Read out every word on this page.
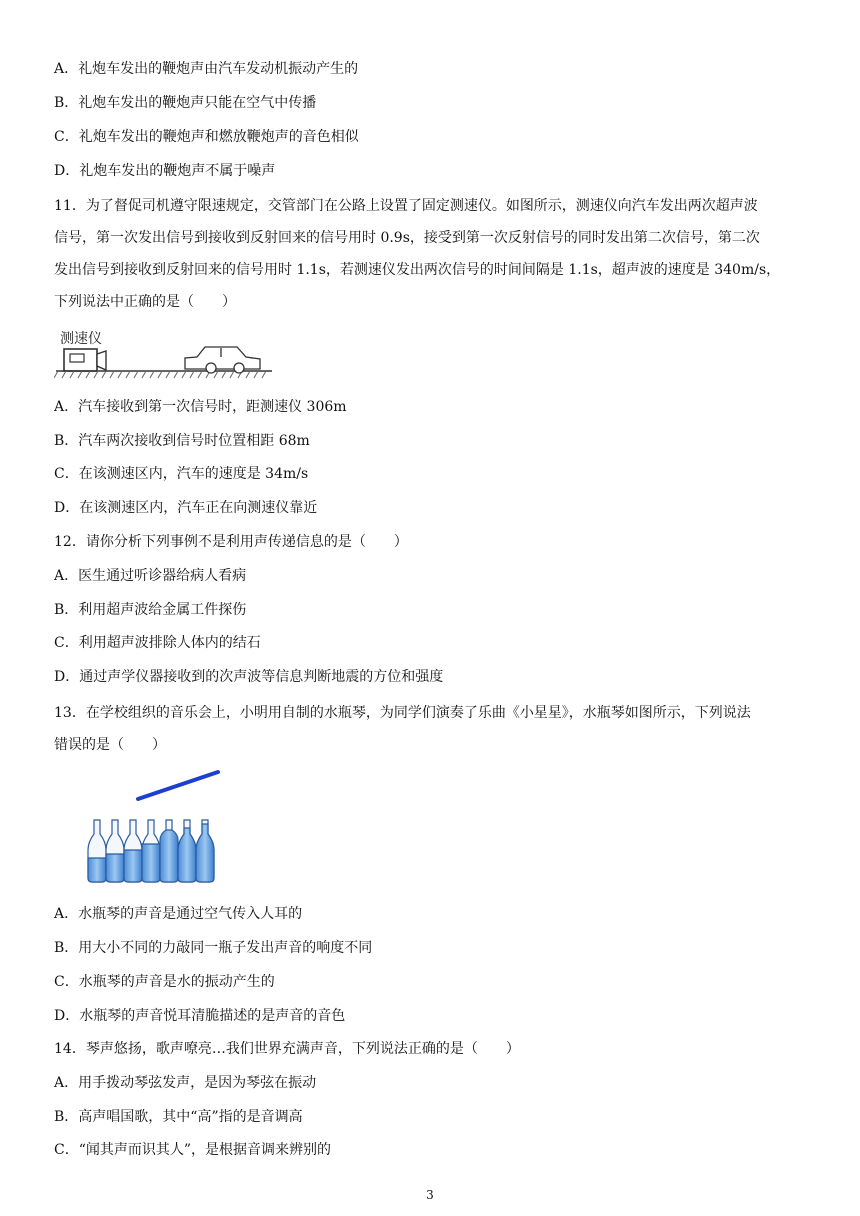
A．礼炮车发出的鞭炮声由汽车发动机振动产生的
B．礼炮车发出的鞭炮声只能在空气中传播
C．礼炮车发出的鞭炮声和燃放鞭炮声的音色相似
D．礼炮车发出的鞭炮声不属于噪声
11．为了督促司机遵守限速规定，交管部门在公路上设置了固定测速仪。如图所示，测速仪向汽车发出两次超声波
信号，第一次发出信号到接收到反射回来的信号用时 0.9s，接受到第一次反射信号的同时发出第二次信号，第二次
发出信号到接收到反射回来的信号用时 1.1s，若测速仪发出两次信号的时间间隔是 1.1s，超声波的速度是 340m/s，
下列说法中正确的是（　　）
测速仪
A．汽车接收到第一次信号时，距测速仪 306m
B．汽车两次接收到信号时位置相距 68m
C．在该测速区内，汽车的速度是 34m/s
D．在该测速区内，汽车正在向测速仪靠近
12．请你分析下列事例不是利用声传递信息的是（　　）
A．医生通过听诊器给病人看病
B．利用超声波给金属工件探伤
C．利用超声波排除人体内的结石
D．通过声学仪器接收到的次声波等信息判断地震的方位和强度
13．在学校组织的音乐会上，小明用自制的水瓶琴，为同学们演奏了乐曲《小星星》，水瓶琴如图所示，下列说法
错误的是（　　）
A．水瓶琴的声音是通过空气传入人耳的
B．用大小不同的力敲同一瓶子发出声音的响度不同
C．水瓶琴的声音是水的振动产生的
D．水瓶琴的声音悦耳清脆描述的是声音的音色
14．琴声悠扬，歌声嘹亮…我们世界充满声音，下列说法正确的是（　　）
A．用手拨动琴弦发声，是因为琴弦在振动
B．高声唱国歌，其中“高”指的是音调高
C．“闻其声而识其人”，是根据音调来辨别的
3
